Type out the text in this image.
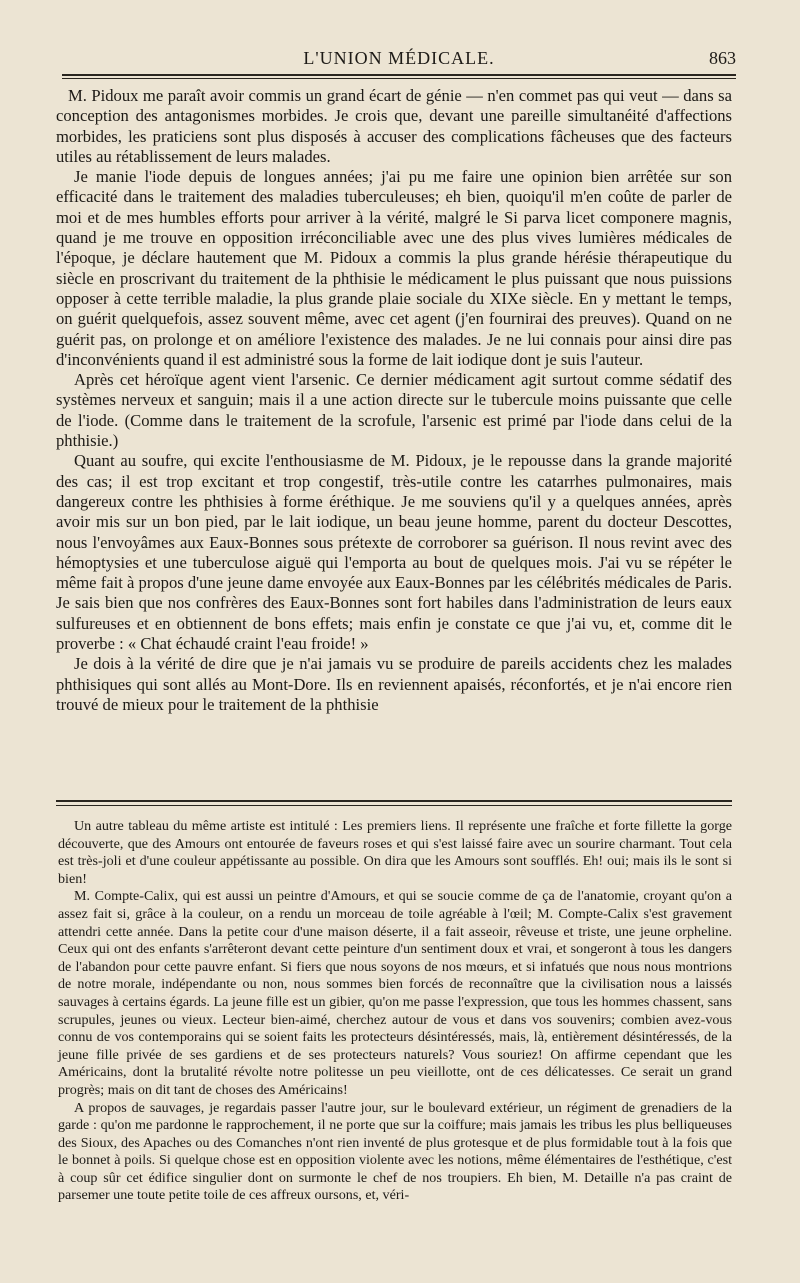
L'UNION MÉDICALE.	863

M. Pidoux me paraît avoir commis un grand écart de génie — n'en commet pas qui veut — dans sa conception des antagonismes morbides. Je crois que, devant une pareille simultanéité d'affections morbides, les praticiens sont plus disposés à accuser des complications fâcheuses que des facteurs utiles au rétablissement de leurs malades.

Je manie l'iode depuis de longues années; j'ai pu me faire une opinion bien arrêtée sur son efficacité dans le traitement des maladies tuberculeuses; eh bien, quoiqu'il m'en coûte de parler de moi et de mes humbles efforts pour arriver à la vérité, malgré le Si parva licet componere magnis, quand je me trouve en opposition irréconciliable avec une des plus vives lumières médicales de l'époque, je déclare hautement que M. Pidoux a commis la plus grande hérésie thérapeutique du siècle en proscrivant du traitement de la phthisie le médicament le plus puissant que nous puissions opposer à cette terrible maladie, la plus grande plaie sociale du XIXe siècle. En y mettant le temps, on guérit quelquefois, assez souvent même, avec cet agent (j'en fournirai des preuves). Quand on ne guérit pas, on prolonge et on améliore l'existence des malades. Je ne lui connais pour ainsi dire pas d'inconvénients quand il est administré sous la forme de lait iodique dont je suis l'auteur.

Après cet héroïque agent vient l'arsenic. Ce dernier médicament agit surtout comme sédatif des systèmes nerveux et sanguin; mais il a une action directe sur le tubercule moins puissante que celle de l'iode. (Comme dans le traitement de la scrofule, l'arsenic est primé par l'iode dans celui de la phthisie.)

Quant au soufre, qui excite l'enthousiasme de M. Pidoux, je le repousse dans la grande majorité des cas; il est trop excitant et trop congestif, très-utile contre les catarrhes pulmonaires, mais dangereux contre les phthisies à forme éréthique. Je me souviens qu'il y a quelques années, après avoir mis sur un bon pied, par le lait iodique, un beau jeune homme, parent du docteur Descottes, nous l'envoyâmes aux Eaux-Bonnes sous prétexte de corroborer sa guérison. Il nous revint avec des hémoptysies et une tuberculose aiguë qui l'emporta au bout de quelques mois. J'ai vu se répéter le même fait à propos d'une jeune dame envoyée aux Eaux-Bonnes par les célébrités médicales de Paris. Je sais bien que nos confrères des Eaux-Bonnes sont fort habiles dans l'administration de leurs eaux sulfureuses et en obtiennent de bons effets; mais enfin je constate ce que j'ai vu, et, comme dit le proverbe : « Chat échaudé craint l'eau froide! »

Je dois à la vérité de dire que je n'ai jamais vu se produire de pareils accidents chez les malades phthisiques qui sont allés au Mont-Dore. Ils en reviennent apaisés, réconfortés, et je n'ai encore rien trouvé de mieux pour le traitement de la phthisie

Un autre tableau du même artiste est intitulé : Les premiers liens. Il représente une fraîche et forte fillette la gorge découverte, que des Amours ont entourée de faveurs roses et qui s'est laissé faire avec un sourire charmant. Tout cela est très-joli et d'une couleur appétissante au possible. On dira que les Amours sont soufflés. Eh! oui; mais ils le sont si bien!

M. Compte-Calix, qui est aussi un peintre d'Amours, et qui se soucie comme de ça de l'anatomie, croyant qu'on a assez fait si, grâce à la couleur, on a rendu un morceau de toile agréable à l'œil; M. Compte-Calix s'est gravement attendri cette année. Dans la petite cour d'une maison déserte, il a fait asseoir, rêveuse et triste, une jeune orpheline. Ceux qui ont des enfants s'arrêteront devant cette peinture d'un sentiment doux et vrai, et songeront à tous les dangers de l'abandon pour cette pauvre enfant. Si fiers que nous soyons de nos mœurs, et si infatués que nous nous montrions de notre morale, indépendante ou non, nous sommes bien forcés de reconnaître que la civilisation nous a laissés sauvages à certains égards. La jeune fille est un gibier, qu'on me passe l'expression, que tous les hommes chassent, sans scrupules, jeunes ou vieux. Lecteur bien-aimé, cherchez autour de vous et dans vos souvenirs; combien avez-vous connu de vos contemporains qui se soient faits les protecteurs désintéressés, mais, là, entièrement désintéressés, de la jeune fille privée de ses gardiens et de ses protecteurs naturels? Vous souriez! On affirme cependant que les Américains, dont la brutalité révolte notre politesse un peu vieillotte, ont de ces délicatesses. Ce serait un grand progrès; mais on dit tant de choses des Américains!

A propos de sauvages, je regardais passer l'autre jour, sur le boulevard extérieur, un régiment de grenadiers de la garde : qu'on me pardonne le rapprochement, il ne porte que sur la coiffure; mais jamais les tribus les plus belliqueuses des Sioux, des Apaches ou des Comanches n'ont rien inventé de plus grotesque et de plus formidable tout à la fois que le bonnet à poils. Si quelque chose est en opposition violente avec les notions, même élémentaires de l'esthétique, c'est à coup sûr cet édifice singulier dont on surmonte le chef de nos troupiers. Eh bien, M. Detaille n'a pas craint de parsemer une toute petite toile de ces affreux oursons, et, véri-
